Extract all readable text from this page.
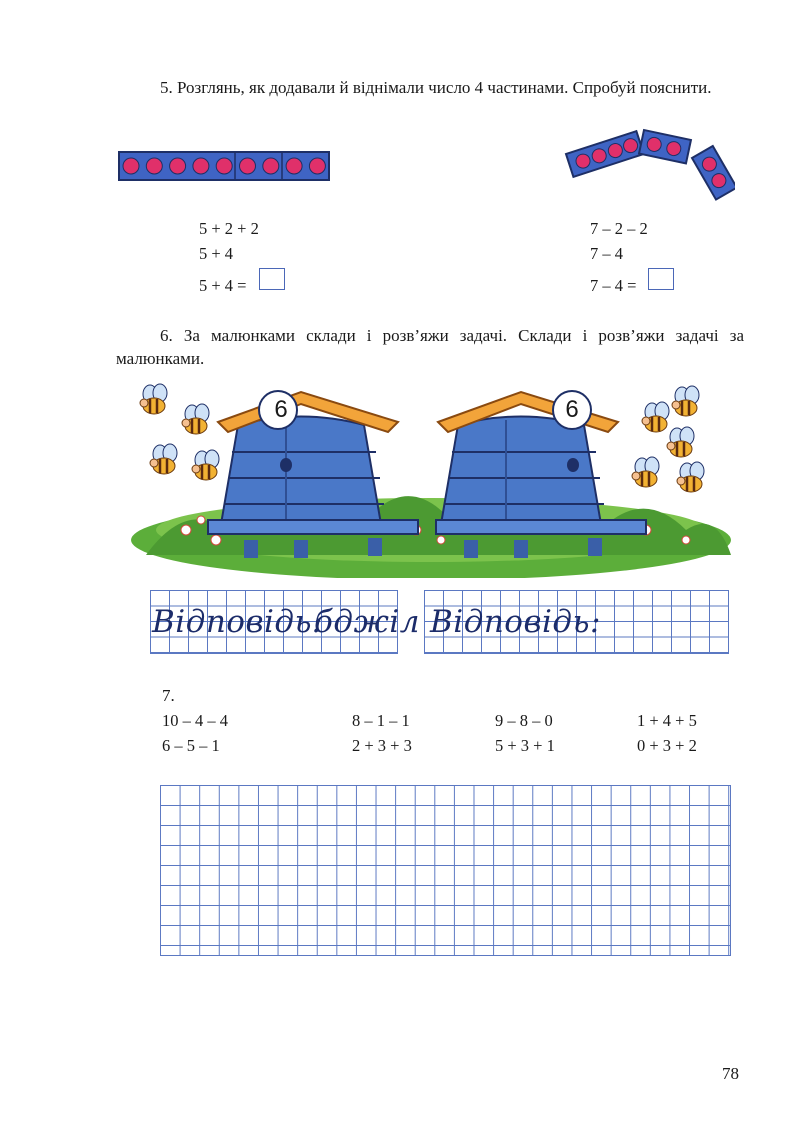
5. Розглянь, як додавали й віднімали число 4 частинами. Спробуй пояснити.
5 + 2 + 2
5 + 4
5 + 4 =
7 – 2 – 2
7 – 4
7 – 4 =
6. За малюнками склади і розв’яжи задачі. Склади і розв’яжи задачі за малюнками.
6	6
Відповідь:
бджіл Відповідь:
7.
10 – 4 – 4	8 – 1 – 1	9 – 8 – 0	1 + 4 + 5
6 – 5 – 1	2 + 3 + 3	5 + 3 + 1	0 + 3 + 2
78
